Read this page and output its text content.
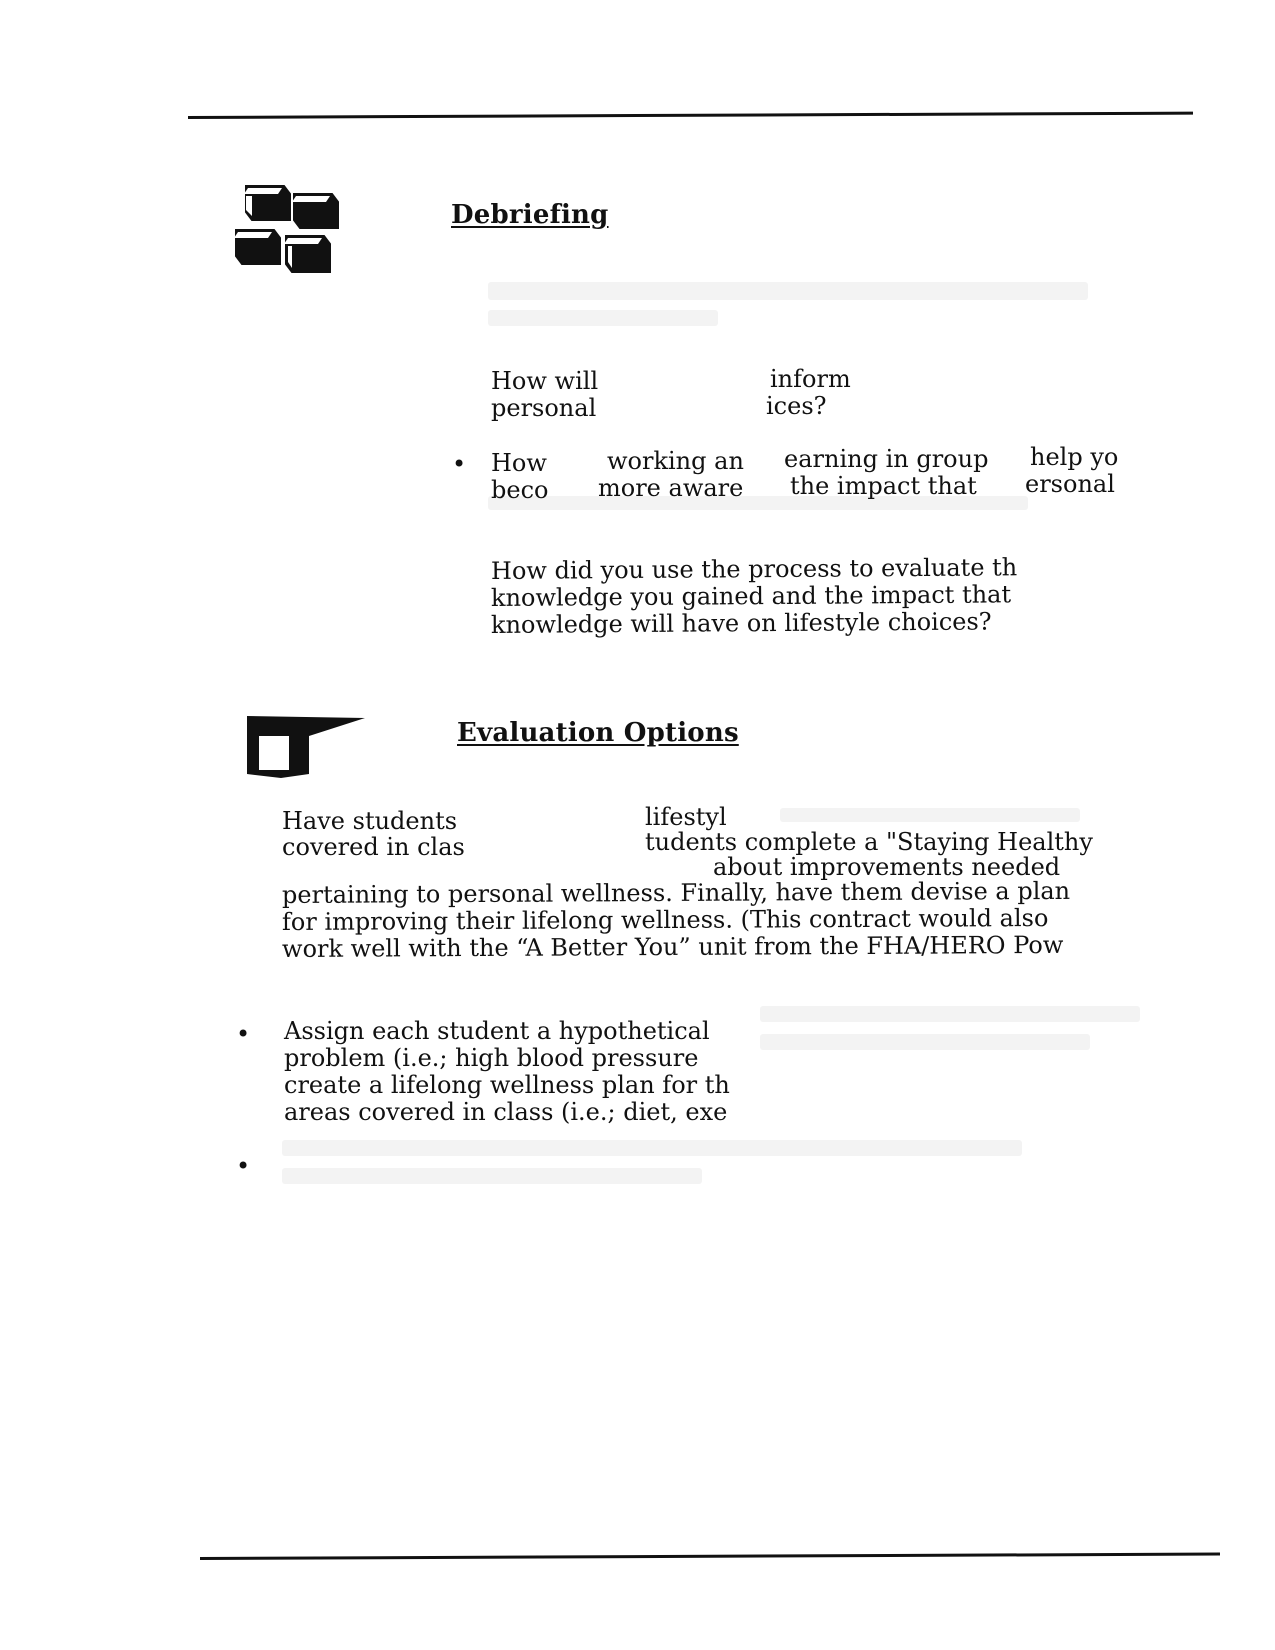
Debriefing
How will
personal
inform
ices?
• How
beco
working an
more aware
earning in group
the impact that
help yo
ersonal
How did you use the process to evaluate th
knowledge you gained and the impact that
knowledge will have on lifestyle choices?
Evaluation Options
Have students
covered in clas
lifestyl
tudents complete a "Staying Healthy
about improvements needed
pertaining to personal wellness. Finally, have them devise a plan
for improving their lifelong wellness. (This contract would also
work well with the “A Better You” unit from the FHA/HERO Pow
• Assign each student a hypothetical
problem (i.e.; high blood pressure
create a lifelong wellness plan for th
areas covered in class (i.e.; diet, exe
•
